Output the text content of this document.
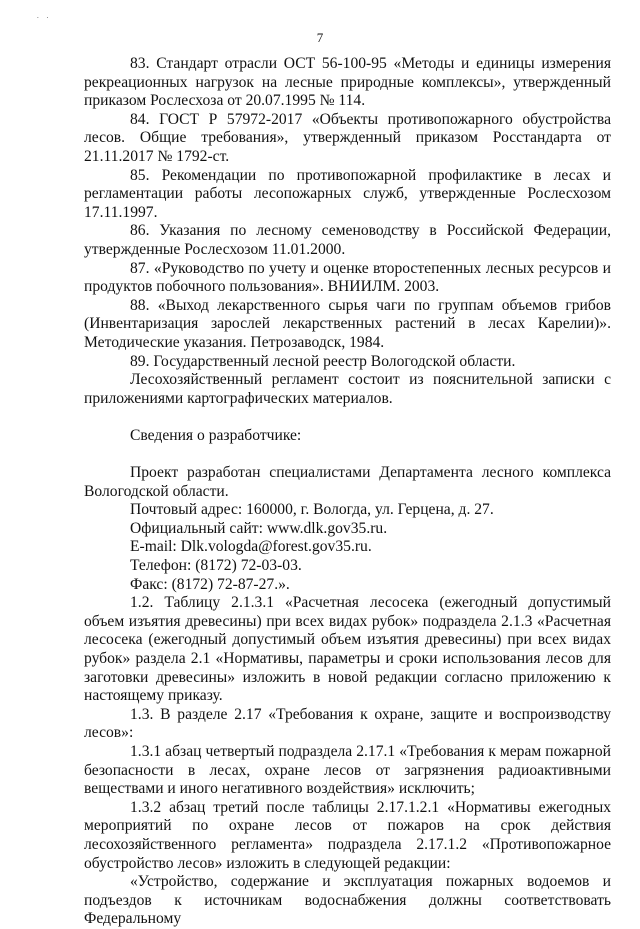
. .
7

83. Стандарт отрасли ОСТ 56-100-95 «Методы и единицы измерения рекреационных нагрузок на лесные природные комплексы», утвержденный приказом Рослесхоза от 20.07.1995 № 114.

84. ГОСТ Р 57972-2017 «Объекты противопожарного обустройства лесов. Общие требования», утвержденный приказом Росстандарта от 21.11.2017 № 1792-ст.

85. Рекомендации по противопожарной профилактике в лесах и регламентации работы лесопожарных служб, утвержденные Рослесхозом 17.11.1997.

86. Указания по лесному семеноводству в Российской Федерации, утвержденные Рослесхозом 11.01.2000.

87. «Руководство по учету и оценке второстепенных лесных ресурсов и продуктов побочного пользования». ВНИИЛМ. 2003.

88. «Выход лекарственного сырья чаги по группам объемов грибов (Инвентаризация зарослей лекарственных растений в лесах Карелии)». Методические указания. Петрозаводск, 1984.

89. Государственный лесной реестр Вологодской области.

Лесохозяйственный регламент состоит из пояснительной записки с приложениями картографических материалов.

Сведения о разработчике:

Проект разработан специалистами Департамента лесного комплекса Вологодской области.

Почтовый адрес: 160000, г. Вологда, ул. Герцена, д. 27.

Официальный сайт: www.dlk.gov35.ru.

E-mail: Dlk.vologda@forest.gov35.ru.

Телефон: (8172) 72-03-03.

Факс: (8172) 72-87-27.».

1.2. Таблицу 2.1.3.1 «Расчетная лесосека (ежегодный допустимый объем изъятия древесины) при всех видах рубок» подраздела 2.1.3 «Расчетная лесосека (ежегодный допустимый объем изъятия древесины) при всех видах рубок» раздела 2.1 «Нормативы, параметры и сроки использования лесов для заготовки древесины» изложить в новой редакции согласно приложению к настоящему приказу.

1.3. В разделе 2.17 «Требования к охране, защите и воспроизводству лесов»:

1.3.1 абзац четвертый подраздела 2.17.1 «Требования к мерам пожарной безопасности в лесах, охране лесов от загрязнения радиоактивными веществами и иного негативного воздействия» исключить;

1.3.2 абзац третий после таблицы 2.17.1.2.1 «Нормативы ежегодных мероприятий по охране лесов от пожаров на срок действия лесохозяйственного регламента» подраздела 2.17.1.2 «Противопожарное обустройство лесов» изложить в следующей редакции:

«Устройство, содержание и эксплуатация пожарных водоемов и подъездов к источникам водоснабжения должны соответствовать Федеральному
